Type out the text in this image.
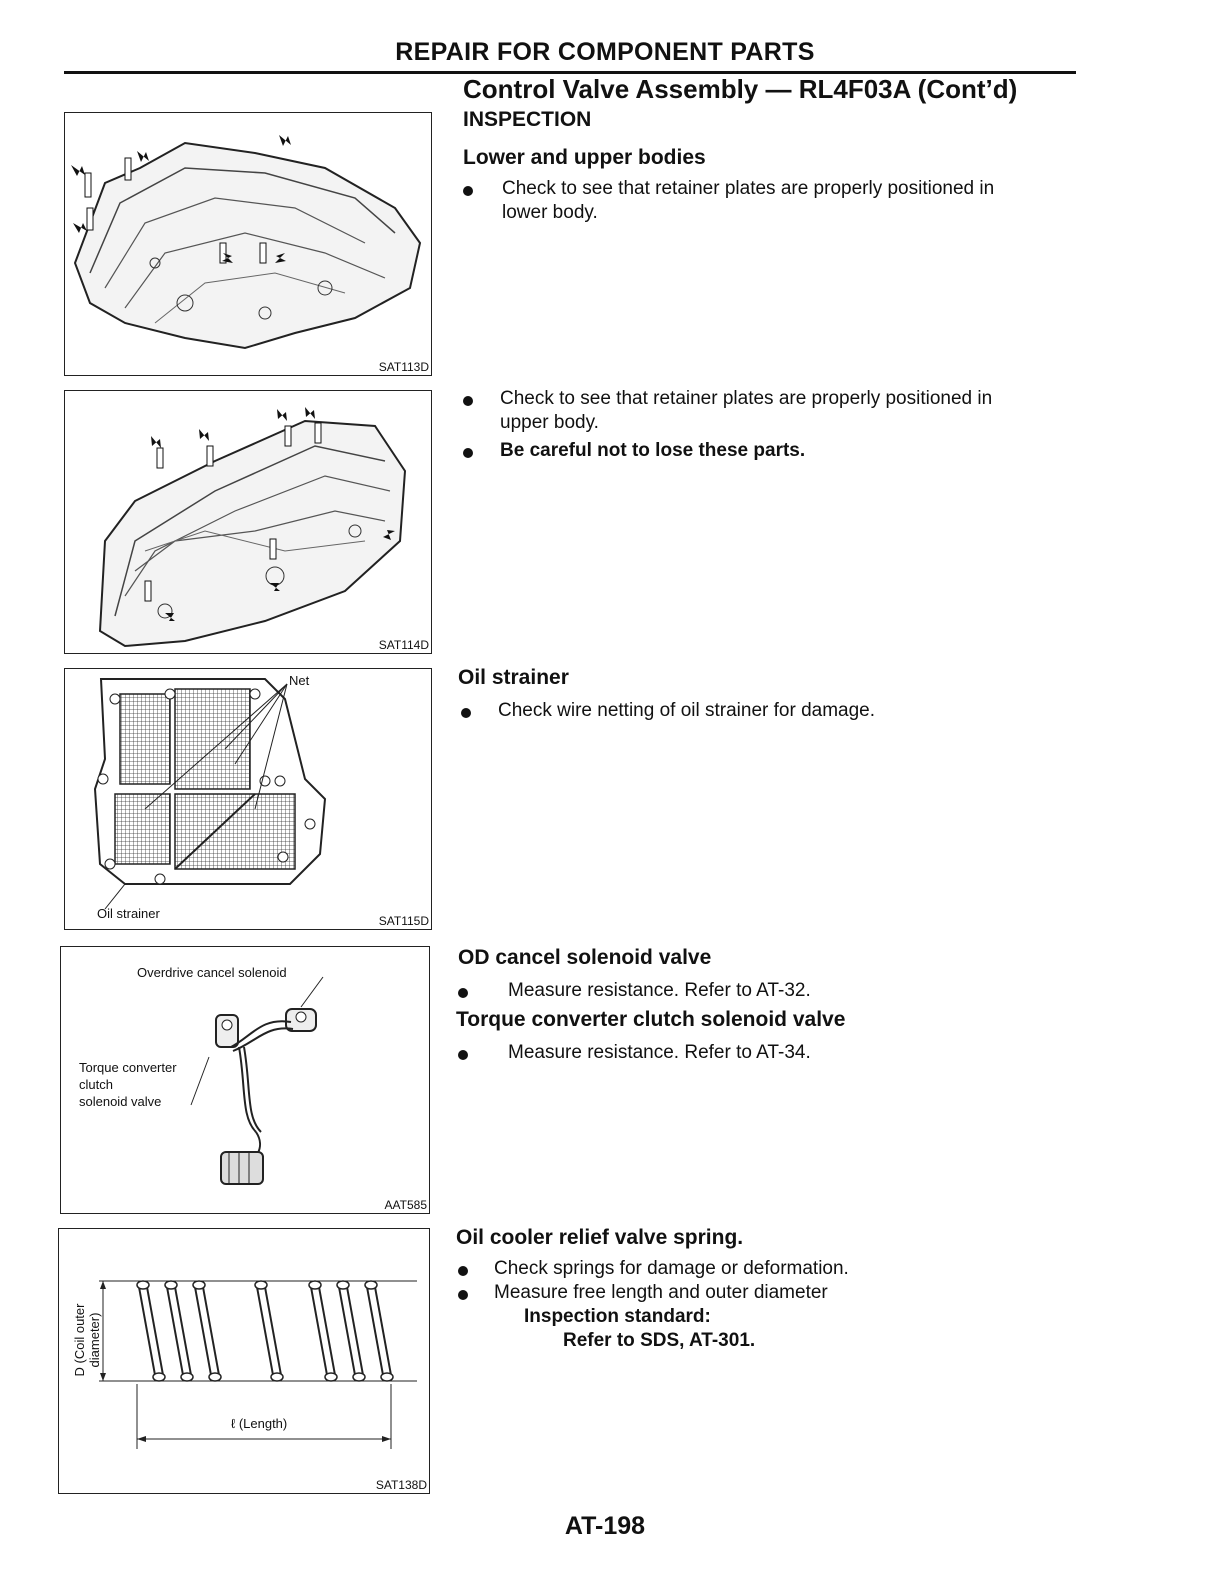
REPAIR FOR COMPONENT PARTS
Control Valve Assembly — RL4F03A (Cont’d)
INSPECTION
SAT113D
Lower and upper bodies
Check to see that retainer plates are properly positioned in
lower body.
SAT114D
Check to see that retainer plates are properly positioned in
upper body.
Be careful not to lose these parts.
Net
Oil strainer	SAT115D
Oil strainer
Check wire netting of oil strainer for damage.
Overdrive cancel solenoid
Torque converter
clutch
solenoid valve
AAT585
OD cancel solenoid valve
Measure resistance. Refer to AT-32.
Torque converter clutch solenoid valve
Measure resistance. Refer to AT-34.
D (Coil outer diameter)
ℓ (Length)
SAT138D
Oil cooler relief valve spring.
Check springs for damage or deformation.
Measure free length and outer diameter
Inspection standard:
Refer to SDS, AT-301.
AT-198
